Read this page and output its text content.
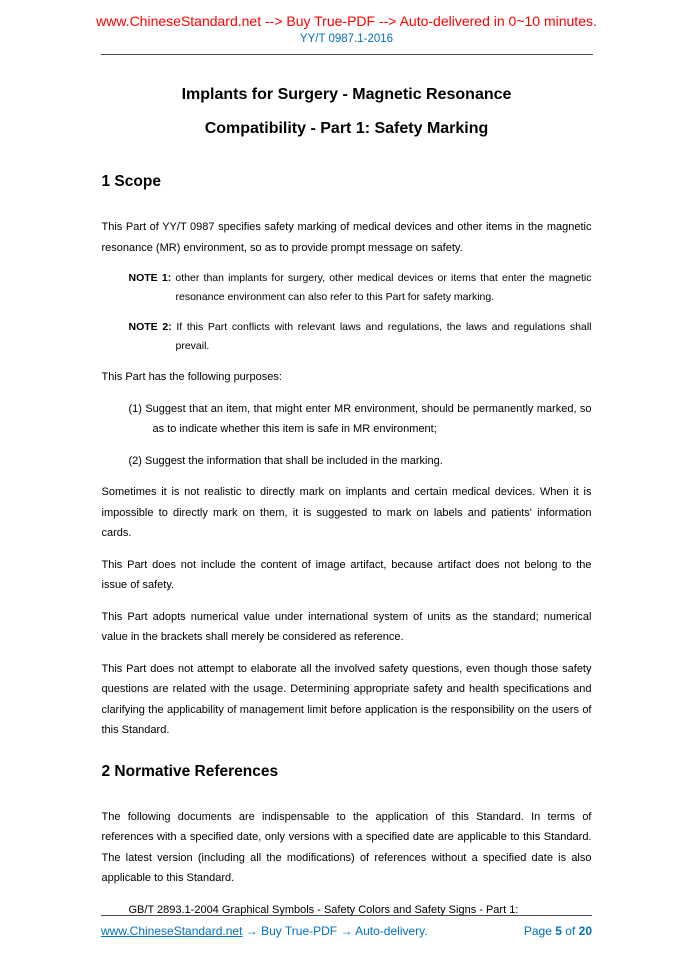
www.ChineseStandard.net --> Buy True-PDF --> Auto-delivered in 0~10 minutes.
YY/T 0987.1-2016
Implants for Surgery - Magnetic Resonance
Compatibility - Part 1: Safety Marking
1 Scope

This Part of YY/T 0987 specifies safety marking of medical devices and other items in the magnetic resonance (MR) environment, so as to provide prompt message on safety.

NOTE 1: other than implants for surgery, other medical devices or items that enter the magnetic resonance environment can also refer to this Part for safety marking.

NOTE 2: If this Part conflicts with relevant laws and regulations, the laws and regulations shall prevail.

This Part has the following purposes:

(1) Suggest that an item, that might enter MR environment, should be permanently marked, so as to indicate whether this item is safe in MR environment;

(2) Suggest the information that shall be included in the marking.

Sometimes it is not realistic to directly mark on implants and certain medical devices. When it is impossible to directly mark on them, it is suggested to mark on labels and patients' information cards.

This Part does not include the content of image artifact, because artifact does not belong to the issue of safety.

This Part adopts numerical value under international system of units as the standard; numerical value in the brackets shall merely be considered as reference.

This Part does not attempt to elaborate all the involved safety questions, even though those safety questions are related with the usage. Determining appropriate safety and health specifications and clarifying the applicability of management limit before application is the responsibility on the users of this Standard.

2 Normative References

The following documents are indispensable to the application of this Standard. In terms of references with a specified date, only versions with a specified date are applicable to this Standard. The latest version (including all the modifications) of references without a specified date is also applicable to this Standard.

GB/T 2893.1-2004 Graphical Symbols - Safety Colors and Safety Signs - Part 1:

www.ChineseStandard.net → Buy True-PDF → Auto-delivery.	Page 5 of 20
